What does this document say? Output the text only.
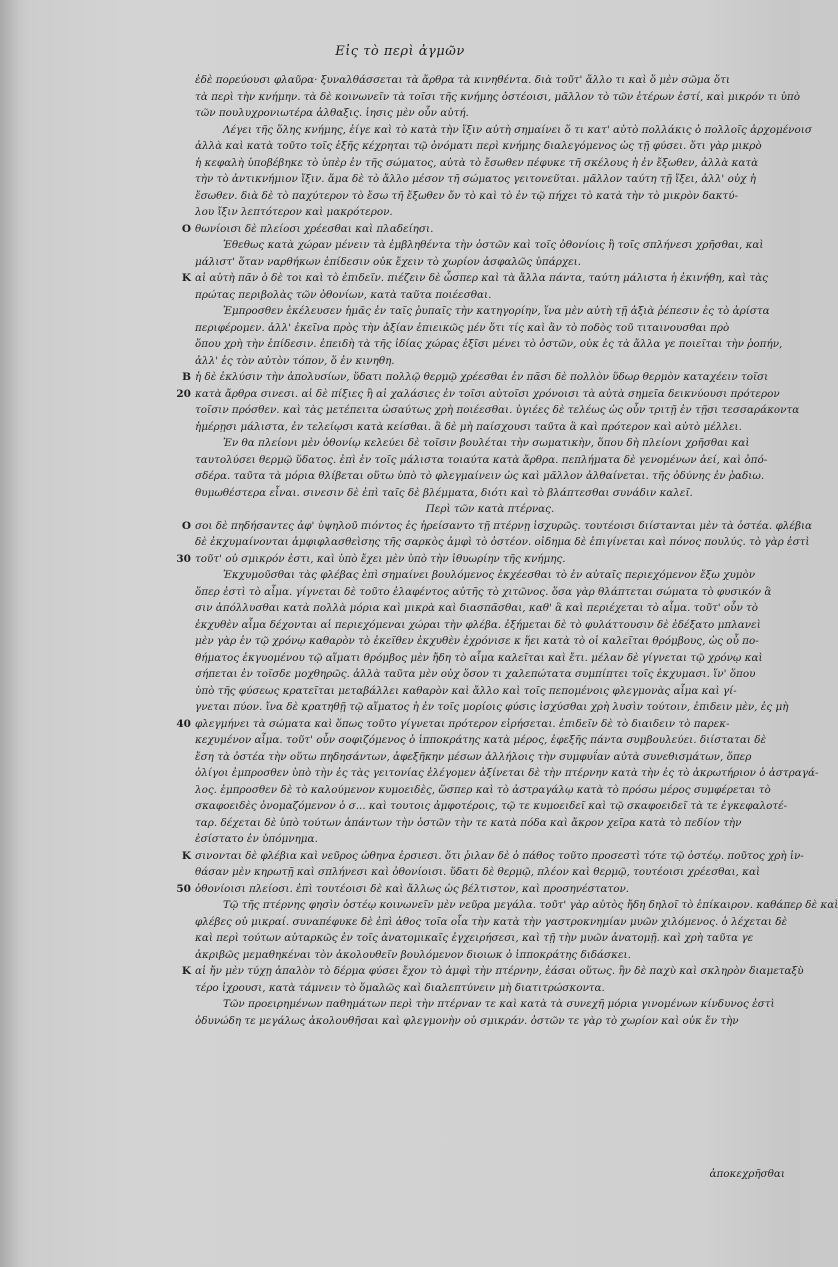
Εἰς τὸ περὶ ἀγμῶν
ἐδὲ πορεύουσι φλαῦρα· ξυναλθάσσεται τὰ ἄρθρα τὰ κινηθέντα. διὰ τοῦτ' ἄλλο τι καὶ ὅ μὲν σῶμα ὅτι
τὰ περὶ τὴν κνήμην. τὰ δὲ κοινωνεῖν τὰ τοῖσι τῆς κνήμης ὀστέοισι, μᾶλλον τὸ τῶν ἑτέρων ἐστί, καὶ μικρόν τι ὑπὸ
τῶν πουλυχρονιωτέρα ἀλθαξις. ἰησις μὲν οὖν αὐτή.
Λέγει τῆς ὅλης κνήμης, ἐίγε καὶ τὸ κατὰ τὴν ἴξιν αὐτὴ σημαίνει ὅ τι κατ' αὐτὸ πολλάκις ὁ πολλοῖς ἀρχομένοισ
ἀλλὰ καὶ κατὰ τοῦτο τοῖς ἑξῆς κέχρηται τῷ ὀνόματι περὶ κνήμης διαλεγόμενος ὡς τῇ φύσει. ὅτι γὰρ μικρὸ
ἡ κεφαλὴ ὑποβέβηκε τὸ ὑπὲρ ἐν τῆς σώματος, αὐτὰ τὸ ἔσωθεν πέφυκε τῆ σκέλους ἡ ἐν ἔξωθεν, ἀλλὰ κατὰ
τὴν τὸ ἀντικνήμιον ἴξιν. ἅμα δὲ τὸ ἄλλο μέσον τῆ σώματος γειτονεῦται. μᾶλλον ταύτη τῇ ἴξει, ἀλλ' οὐχ ἡ
ἔσωθεν. διὰ δὲ τὸ παχύτερον τὸ ἔσω τῆ ἔξωθεν ὄν τὸ καὶ τὸ ἐν τῷ πήχει τὸ κατὰ τὴν τὸ μικρὸν δακτύ-
λου ἴξιν λεπτότερον καὶ μακρότερον.
O θωνίοισι δὲ πλείοσι χρέεσθαι καὶ πλαδείησι.
Ἐθεθως κατὰ χώραν μένειν τὰ ἐμβληθέντα τὴν ὀστῶν καὶ τοῖς ὀθονίοις ἢ τοῖς σπλήνεσι χρῆσθαι, καὶ
μάλιστ' ὅταν ναρθήκων ἐπίδεσιν οὐκ ἔχειν τὸ χωρίον ἀσφαλῶς ὑπάρχει.
K αἱ αὐτὴ πᾶν ὁ δὲ τοι καὶ τὸ ἐπιδεῖν. πιέζειν δὲ ὧσπερ καὶ τὰ ἄλλα πάντα, ταύτη μάλιστα ἡ ἐκινήθη, καὶ τὰς
πρώτας περιβολὰς τῶν ὀθονίων, κατὰ ταῦτα ποιέεσθαι.
Ἐμπροσθεν ἐκέλευσεν ἡμᾶς ἐν ταῖς ῥυπαῖς τὴν κατηγορίην, ἵνα μὲν αὐτὴ τῇ ἀξιὰ ῥέπεσιν ἐς τὸ ἀρίστα
περιφέρομεν. ἀλλ' ἐκεῖνα πρὸς τὴν ἀξίαν ἐπιεικῶς μέν ὅτι τίς καὶ ἂν τὸ ποδὸς τοῦ τιταινουσθαι πρὸ
ὅπου χρὴ τὴν ἐπίδεσιν. ἐπειδὴ τὰ τῆς ἰδίας χώρας ἐξῖσι μένει τὸ ὀστῶν, οὐκ ἐς τὰ ἄλλα γε ποιεῖται τὴν ῥοπήν,
ἀλλ' ἐς τὸν αὐτὸν τόπον, ὅ ἐν κινηθη.
B ἡ δὲ ἐκλύσιν τὴν ἀπολυσίων, ὕδατι πολλῷ θερμῷ χρέεσθαι ἐν πᾶσι δὲ πολλὸν ὕδωρ θερμὸν καταχέειν τοῖσι
20 κατὰ ἄρθρα σινεσι. αἱ δὲ πίξιες ἢ αἱ χαλάσιες ἐν τοῖσι αὐτοῖσι χρόνοισι τὰ αὐτὰ σημεῖα δεικνύουσι πρότερον
τοῖσιν πρόσθεν. καὶ τὰς μετέπειτα ὡσαύτως χρὴ ποιέεσθαι. ὑγιέες δὲ τελέως ὡς οὖν τριτῇ ἐν τῇσι τεσσαράκοντα
ἡμέρῃσι μάλιστα, ἐν τελείῳσι κατὰ κείσθαι. ἃ δὲ μὴ παίσχουσι ταῦτα ἃ καὶ πρότερον καὶ αὐτὸ μέλλει.
Ἐν θα πλείονι μὲν ὀθονίῳ κελεύει δὲ τοῖσιν βουλέται τὴν σωματικὴν, ὅπου δὴ πλείονι χρῆσθαι καὶ
ταυτολύσει θερμῷ ὕδατος. ἐπὶ ἐν τοῖς μάλιστα τοιαύτα κατὰ ἄρθρα. πεπλήματα δὲ γενομένων ἀεί, καὶ ὁπό-
σδέρα. ταῦτα τὰ μόρια θλίβεται οὕτω ὑπὸ τὸ φλεγμαίνειν ὡς καὶ μᾶλλον ἀλθαίνεται. τῆς ὀδύνης ἐν ῥαδιω.
θυμωθέστερα εἶναι. σινεσιν δὲ ἐπὶ ταῖς δὲ βλέμματα, διότι καὶ τὸ βλάπτεσθαι συνάδιν καλεῖ.
Περὶ τῶν κατὰ πτέρνας.
O σοι δὲ πηδήσαντες ἀφ' ὑψηλοῦ πιόντος ἐς ἠρείσαντο τῇ πτέρνῃ ἰσχυρῶς. τουτέοισι διίστανται μὲν τὰ ὀστέα. φλέβια
δὲ ἐκχυμαίνονται ἀμφιφλασθεὶσης τῆς σαρκὸς ἀμφὶ τὸ ὀστέον. οἰδημα δὲ ἐπιγίνεται καὶ πόνος πουλύς. τὸ γὰρ ἐστὶ
30 τοῦτ' οὐ σμικρόν ἐστι, καὶ ὑπὸ ἔχει μὲν ὑπὸ τὴν ἰθυωρίην τῆς κνήμης.
Ἐκχυμοῦσθαι τὰς φλέβας ἐπὶ σημαίνει βουλόμενος ἐκχέεσθαι τὸ ἐν αὐταῖς περιεχόμενον ἔξω χυμὸν
ὅπερ ἐστὶ τὸ αἷμα. γίγνεται δὲ τοῦτο ἐλαφέντος αὐτῆς τὸ χιτῶνος. ὅσα γὰρ θλάπτεται σώματα τὸ φυσικόν ἃ
σιν ἀπόλλυσθαι κατὰ πολλὰ μόρια καὶ μικρὰ καὶ διασπᾶσθαι, καθ' ἃ καὶ περιέχεται τὸ αἷμα. τοῦτ' οὖν τὸ
ἐκχυθὲν αἷμα δέχονται αἱ περιεχόμεναι χώραι τὴν φλέβα. ἐξήμεται δὲ τὸ φυλάττουσιν δὲ ἐδέξατο μπλανεὶ
μὲν γὰρ ἐν τῷ χρόνῳ καθαρὸν τὸ ἐκεῖθεν ἐκχυθὲν ἐχρόνισε κ ἥει κατὰ τὸ οἱ καλεῖται θρόμβους, ὡς οὖ πο-
θήματος ἐκγυομένου τῷ αἵματι θρόμβος μὲν ἤδη τὸ αἷμα καλεῖται καὶ ἔτι. μέλαν δὲ γίγνεται τῷ χρόνῳ καὶ
σήπεται ἐν τοῖσδε μοχθηρῶς. ἀλλὰ ταῦτα μὲν οὐχ ὅσον τι χαλεπώτατα συμπίπτει τοῖς ἐκχυμασι. ἵν' ὅπου
ὑπὸ τῆς φύσεως κρατεῖται μεταβάλλει καθαρὸν καὶ ἄλλο καὶ τοῖς πεπομένοις φλεγμονὰς αἷμα καὶ γί-
γνεται πύον. ἴνα δὲ κρατηθῇ τῷ αἵματος ἡ ἐν τοῖς μορίοις φύσις ἰσχύσθαι χρὴ λυσὶν τούτοιν, ἐπιδειν μὲν, ἐς μὴ
40 φλεγμήνει τὰ σώματα καὶ ὅπως τοῦτο γίγνεται πρότερον εἰρήσεται. ἐπιδεῖν δὲ τὸ διαιδειν τὸ παρεκ-
κεχυμένον αἷμα. τοῦτ' οὖν σοφιζόμενος ὁ ἱπποκράτης κατὰ μέρος, ἐφεξῆς πάντα συμβουλεύει. διίσταται δὲ
ἔση τὰ ὀστέα τὴν οὕτω πηδησάντων, ἀφεξῆκην μέσων ἀλλήλοις τὴν συμφυΐαν αὐτὰ συνεθισμάτων, ὅπερ
ὀλίγοι ἐμπροσθεν ὑπὸ τὴν ἐς τὰς γειτονίας ἐλέγομεν ἀξίνεται δὲ τὴν πτέρνην κατὰ τὴν ἐς τὸ ἀκρωτήριον ὁ ἀστραγά-
λος. ἐμπροσθεν δὲ τὸ καλούμενον κυμοειδὲς, ὥσπερ καὶ τὸ ἀστραγάλῳ κατὰ τὸ πρόσω μέρος συμφέρεται τὸ
σκαφοειδὲς ὀνομαζόμενον ὁ σ... καὶ τουτοις ἀμφοτέροις, τῷ τε κυμοειδεῖ καὶ τῷ σκαφοειδεῖ τὰ τε ἐγκεφαλοτέ-
ταρ. δέχεται δὲ ὑπὸ τούτων ἁπάντων τὴν ὀστῶν τὴν τε κατὰ πόδα καὶ ἄκρον χεῖρα κατὰ τὸ πεδίον τὴν
ἐσίστατο ἐν ὑπόμνημα.
K σινονται δὲ φλέβια καὶ νεῦρος ὠθηνα ἐρσιεσι. ὅτι ῥιλαν δὲ ὁ πάθος τοῦτο προσεστὶ τότε τῷ ὀστέῳ. ποῦτος χρὴ ἰν-
θάσαν μὲν κηρωτῇ καὶ σπλήνεσι καὶ ὀθονίοισι. ὕδατι δὲ θερμῷ, πλέον καὶ θερμῷ, τουτέοισι χρέεσθαι, καὶ
50 ὀθονίοισι πλείοσι. ἐπὶ τουτέοισι δὲ καὶ ἄλλως ὡς βέλτιστον, καὶ προσηνέστατον.
Τῷ τῆς πτέρνης φησὶν ὀστέῳ κοινωνεῖν μὲν νεῦρα μεγάλα. τοῦτ' γὰρ αὐτὸς ἤδη δηλοῖ τὸ ἐπίκαιρον. καθάπερ δὲ καὶ
φλέβες οὐ μικραί. συναπέφυκε δὲ ἐπὶ ἀθος τοῖα οἷα τὴν κατὰ τὴν γαστροκνημίαν μυῶν χιλόμενος. ὁ λέχεται δὲ
καὶ περὶ τούτων αὐταρκῶς ἐν τοῖς ἀνατομικαῖς ἐγχειρήσεσι, καὶ τῇ τὴν μυῶν ἀνατομῇ. καὶ χρὴ ταῦτα γε
ἀκριβῶς μεμαθηκέναι τὸν ἀκολουθεῖν βουλόμενον διοιωκ ὁ ἱπποκράτης διδάσκει.
K αἱ ἤν μὲν τύχῃ ἁπαλὸν τὸ δέρμα φύσει ἔχον τὸ ἀμφὶ τὴν πτέρνην, ἐάσαι οὕτως. ἢν δὲ παχὺ καὶ σκληρὸν διαμεταξὺ
τέρο ἰχρουσι, κατὰ τάμνειν τὸ ὅμαλῶς καὶ διαλεπτύνειν μὴ διατιτρώσκοντα.
Τῶν προειρημένων παθημάτων περὶ τὴν πτέρναν τε καὶ κατὰ τὰ συνεχῆ μόρια γινομένων κίνδυνος ἐστὶ
ὀδυνώδη τε μεγάλως ἀκολουθῆσαι καὶ φλεγμονὴν οὐ σμικράν. ὀστῶν τε γὰρ τὸ χωρίον καὶ οὐκ ἔν τὴν
ἀποκεχρῆσθαι
